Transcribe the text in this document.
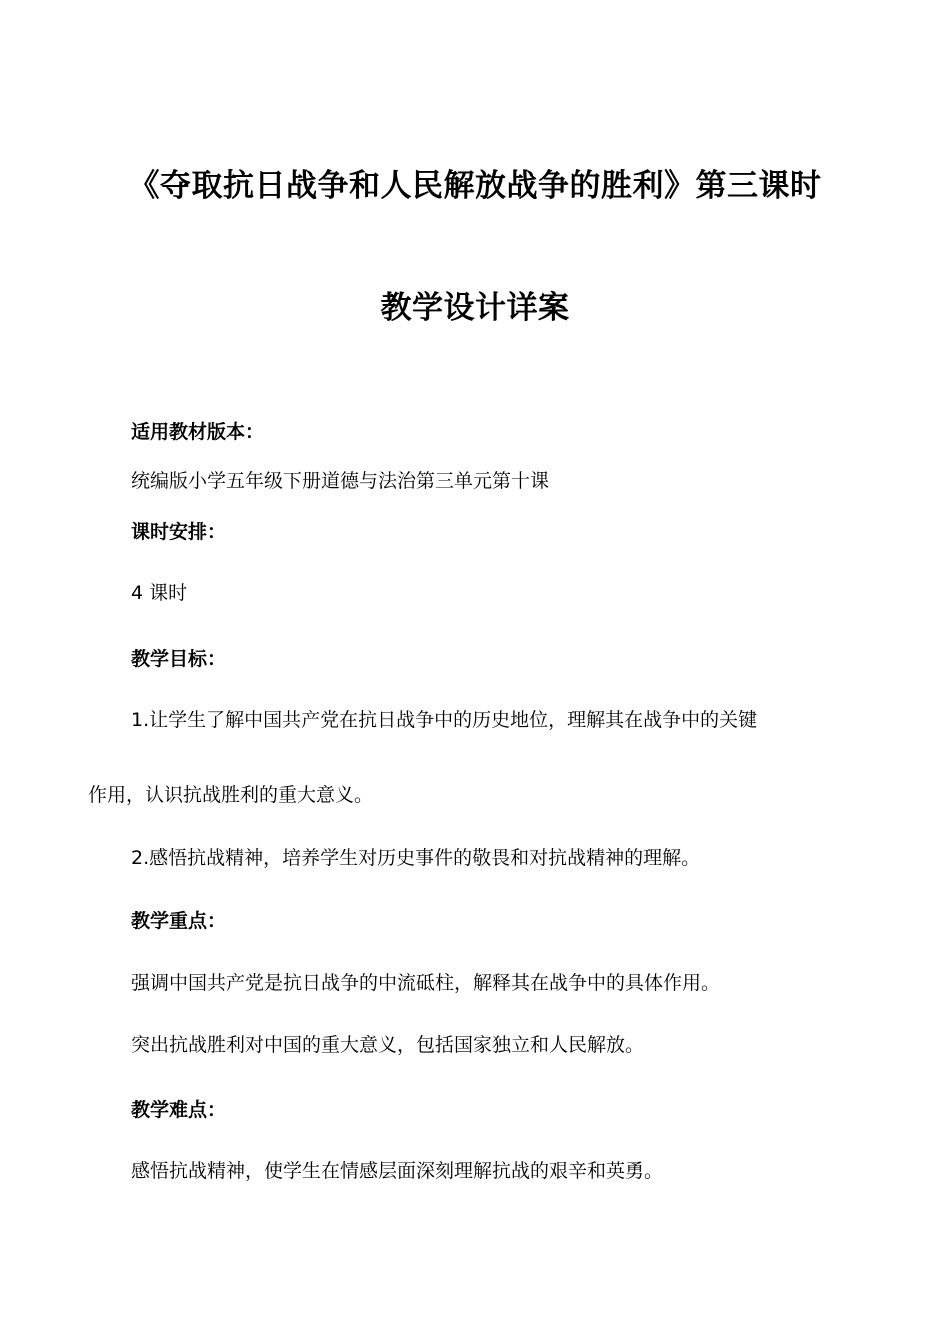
《夺取抗日战争和人民解放战争的胜利》第三课时
教学设计详案
适用教材版本：
统编版小学五年级下册道德与法治第三单元第十课
课时安排：
4 课时
教学目标：
1.让学生了解中国共产党在抗日战争中的历史地位，理解其在战争中的关键
作用，认识抗战胜利的重大意义。
2.感悟抗战精神，培养学生对历史事件的敬畏和对抗战精神的理解。
教学重点：
强调中国共产党是抗日战争的中流砥柱，解释其在战争中的具体作用。
突出抗战胜利对中国的重大意义，包括国家独立和人民解放。
教学难点：
感悟抗战精神，使学生在情感层面深刻理解抗战的艰辛和英勇。
